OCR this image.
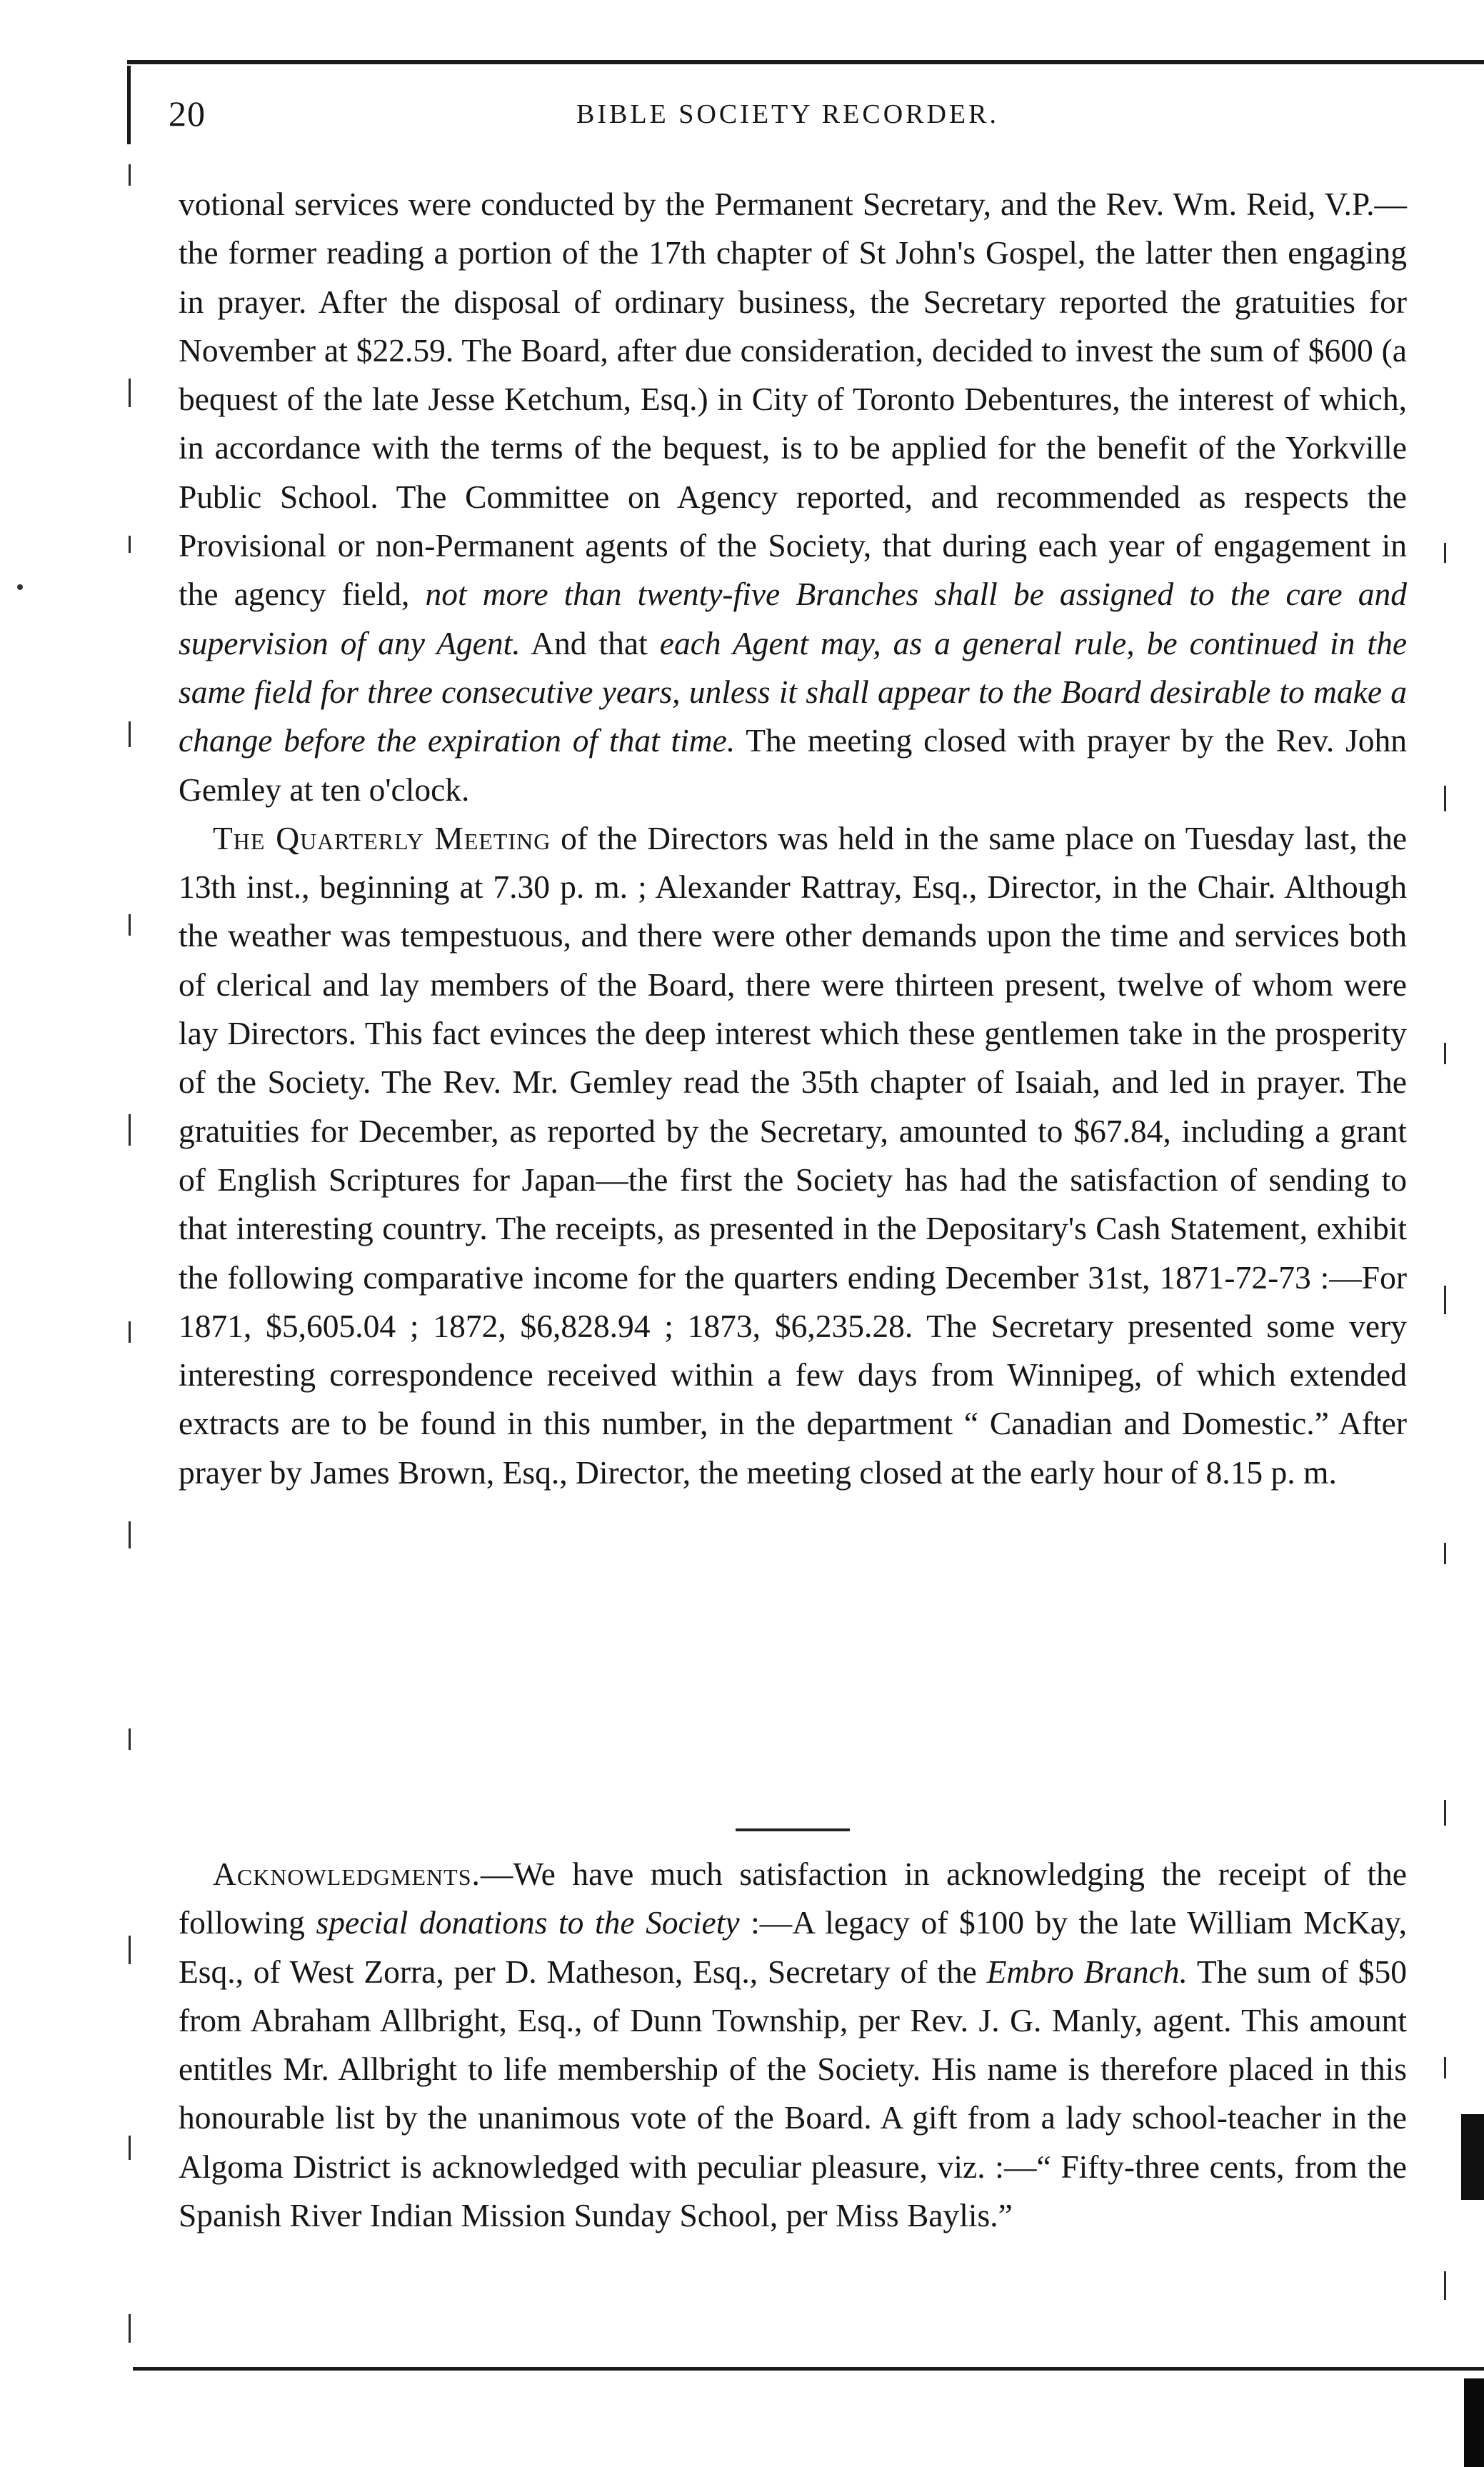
20	BIBLE SOCIETY RECORDER.

votional services were conducted by the Permanent Secretary, and the Rev. Wm. Reid, V.P.—the former reading a portion of the 17th chapter of St John's Gospel, the latter then engaging in prayer. After the disposal of ordinary business, the Secretary reported the gratuities for November at $22.59. The Board, after due consideration, decided to invest the sum of $600 (a bequest of the late Jesse Ketchum, Esq.) in City of Toronto Debentures, the interest of which, in accordance with the terms of the bequest, is to be applied for the benefit of the Yorkville Public School. The Committee on Agency reported, and recommended as respects the Provisional or non-Permanent agents of the Society, that during each year of engagement in the agency field, not more than twenty-five Branches shall be assigned to the care and supervision of any Agent. And that each Agent may, as a general rule, be continued in the same field for three consecutive years, unless it shall appear to the Board desirable to make a change before the expiration of that time. The meeting closed with prayer by the Rev. John Gemley at ten o'clock.

The Quarterly Meeting of the Directors was held in the same place on Tuesday last, the 13th inst., beginning at 7.30 p. m. ; Alexander Rattray, Esq., Director, in the Chair. Although the weather was tempestuous, and there were other demands upon the time and services both of clerical and lay members of the Board, there were thirteen present, twelve of whom were lay Directors. This fact evinces the deep interest which these gentlemen take in the prosperity of the Society. The Rev. Mr. Gemley read the 35th chapter of Isaiah, and led in prayer. The gratuities for December, as reported by the Secretary, amounted to $67.84, including a grant of English Scriptures for Japan—the first the Society has had the satisfaction of sending to that interesting country. The receipts, as presented in the Depositary's Cash Statement, exhibit the following comparative income for the quarters ending December 31st, 1871-72-73 :—For 1871, $5,605.04 ; 1872, $6,828.94 ; 1873, $6,235.28. The Secretary presented some very interesting correspondence received within a few days from Winnipeg, of which extended extracts are to be found in this number, in the department “ Canadian and Domestic.” After prayer by James Brown, Esq., Director, the meeting closed at the early hour of 8.15 p. m.

Acknowledgments.—We have much satisfaction in acknowledging the receipt of the following special donations to the Society :—A legacy of $100 by the late William McKay, Esq., of West Zorra, per D. Matheson, Esq., Secretary of the Embro Branch. The sum of $50 from Abraham Allbright, Esq., of Dunn Township, per Rev. J. G. Manly, agent. This amount entitles Mr. Allbright to life membership of the Society. His name is therefore placed in this honourable list by the unanimous vote of the Board. A gift from a lady school-teacher in the Algoma District is acknowledged with peculiar pleasure, viz. :—“ Fifty-three cents, from the Spanish River Indian Mission Sunday School, per Miss Baylis.”
